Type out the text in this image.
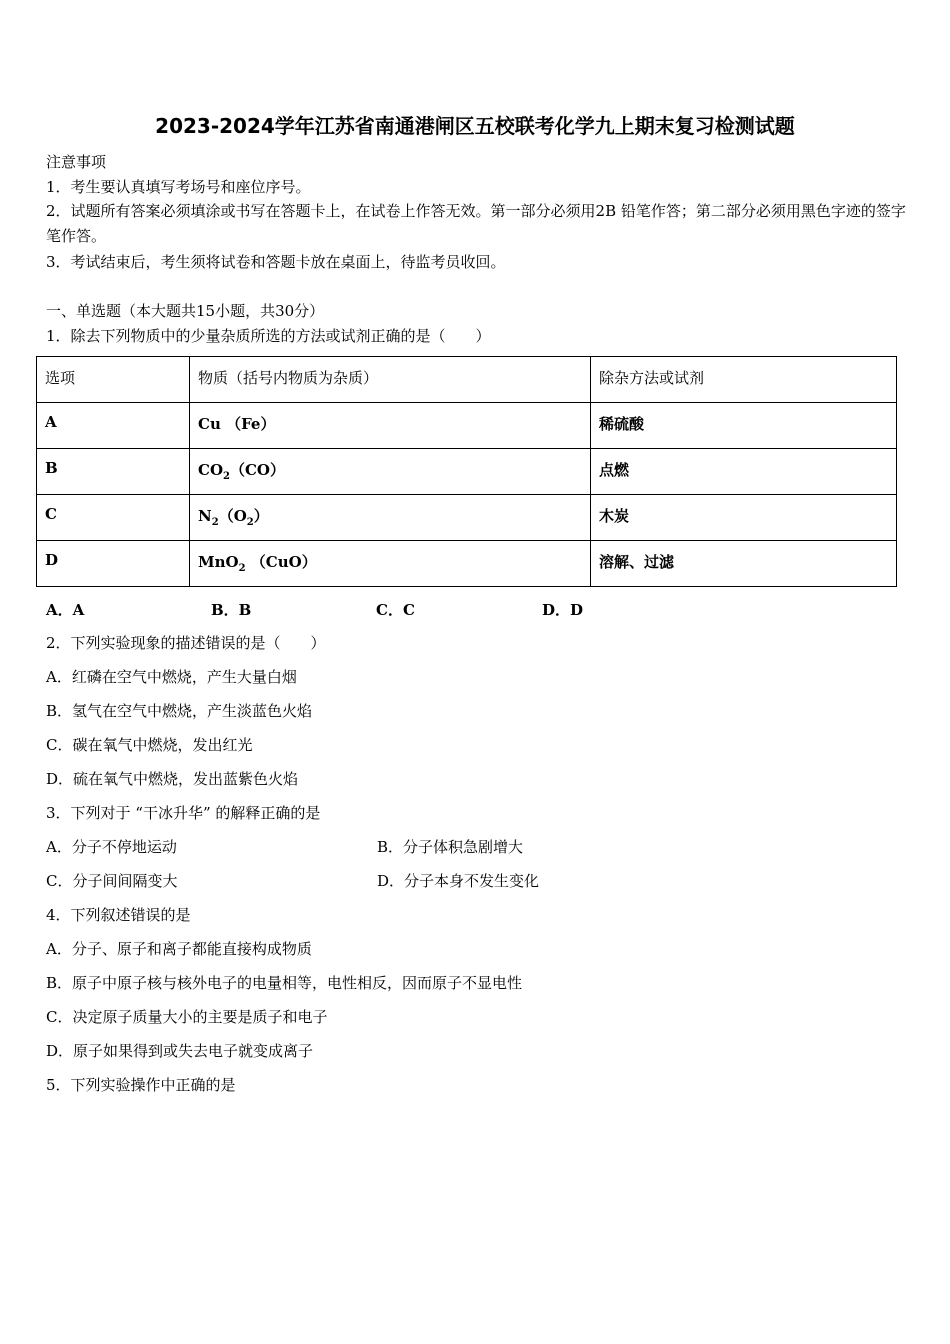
2023-2024学年江苏省南通港闸区五校联考化学九上期末复习检测试题
注意事项
1．考生要认真填写考场号和座位序号。
2．试题所有答案必须填涂或书写在答题卡上，在试卷上作答无效。第一部分必须用2B 铅笔作答；第二部分必须用黑色字迹的签字笔作答。
3．考试结束后，考生须将试卷和答题卡放在桌面上，待监考员收回。
一、单选题（本大题共15小题，共30分）
1．除去下列物质中的少量杂质所选的方法或试剂正确的是（　　）
选项	物质（括号内物质为杂质）	除杂方法或试剂
A	Cu （Fe）	稀硫酸
B	$CO_2(CO)$	点燃
C	$N_2(O_2)$	木炭
D	MnO$_2$ （CuO）	溶解、过滤
A．A	B．B	C．C	D．D
2．下列实验现象的描述错误的是（　　）
A．红磷在空气中燃烧，产生大量白烟
B．氢气在空气中燃烧，产生淡蓝色火焰
C．碳在氧气中燃烧，发出红光
D．硫在氧气中燃烧，发出蓝紫色火焰
3．下列对于 “干冰升华” 的解释正确的是
A．分子不停地运动	B．分子体积急剧增大
C．分子间间隔变大	D．分子本身不发生变化
4．下列叙述错误的是
A．分子、原子和离子都能直接构成物质
B．原子中原子核与核外电子的电量相等，电性相反，因而原子不显电性
C．决定原子质量大小的主要是质子和电子
D．原子如果得到或失去电子就变成离子
5．下列实验操作中正确的是
